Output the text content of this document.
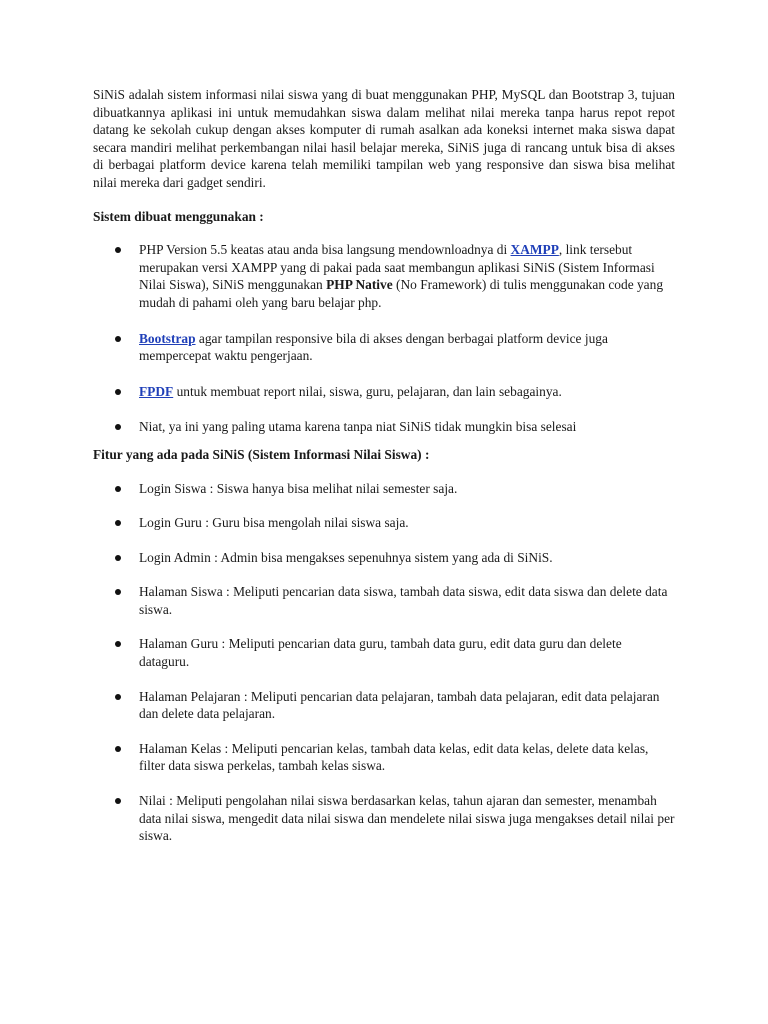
SiNiS adalah sistem informasi nilai siswa yang di buat menggunakan PHP, MySQL dan Bootstrap 3, tujuan dibuatkannya aplikasi ini untuk memudahkan siswa dalam melihat nilai mereka tanpa harus repot repot datang ke sekolah cukup dengan akses komputer di rumah asalkan ada koneksi internet maka siswa dapat secara mandiri melihat perkembangan nilai hasil belajar mereka, SiNiS juga di rancang untuk bisa di akses di berbagai platform device karena telah memiliki tampilan web yang responsive dan siswa bisa melihat nilai mereka dari gadget sendiri.

Sistem dibuat menggunakan :

PHP Version 5.5 keatas atau anda bisa langsung mendownloadnya di XAMPP, link tersebut merupakan versi XAMPP yang di pakai pada saat membangun aplikasi SiNiS (Sistem Informasi Nilai Siswa), SiNiS menggunakan PHP Native (No Framework) di tulis menggunakan code yang mudah di pahami oleh yang baru belajar php.
Bootstrap agar tampilan responsive bila di akses dengan berbagai platform device juga mempercepat waktu pengerjaan.
FPDF untuk membuat report nilai, siswa, guru, pelajaran, dan lain sebagainya.
Niat, ya ini yang paling utama karena tanpa niat SiNiS tidak mungkin bisa selesai

Fitur yang ada pada SiNiS (Sistem Informasi Nilai Siswa) :

Login Siswa : Siswa hanya bisa melihat nilai semester saja.
Login Guru : Guru bisa mengolah nilai siswa saja.
Login Admin : Admin bisa mengakses sepenuhnya sistem yang ada di SiNiS.
Halaman Siswa : Meliputi pencarian data siswa, tambah data siswa, edit data siswa dan delete data siswa.
Halaman Guru : Meliputi pencarian data guru, tambah data guru, edit data guru dan delete dataguru.
Halaman Pelajaran : Meliputi pencarian data pelajaran, tambah data pelajaran, edit data pelajaran dan delete data pelajaran.
Halaman Kelas : Meliputi pencarian kelas, tambah data kelas, edit data kelas, delete data kelas, filter data siswa perkelas, tambah kelas siswa.
Nilai : Meliputi pengolahan nilai siswa berdasarkan kelas, tahun ajaran dan semester, menambah data nilai siswa, mengedit data nilai siswa dan mendelete nilai siswa juga mengakses detail nilai per siswa.
